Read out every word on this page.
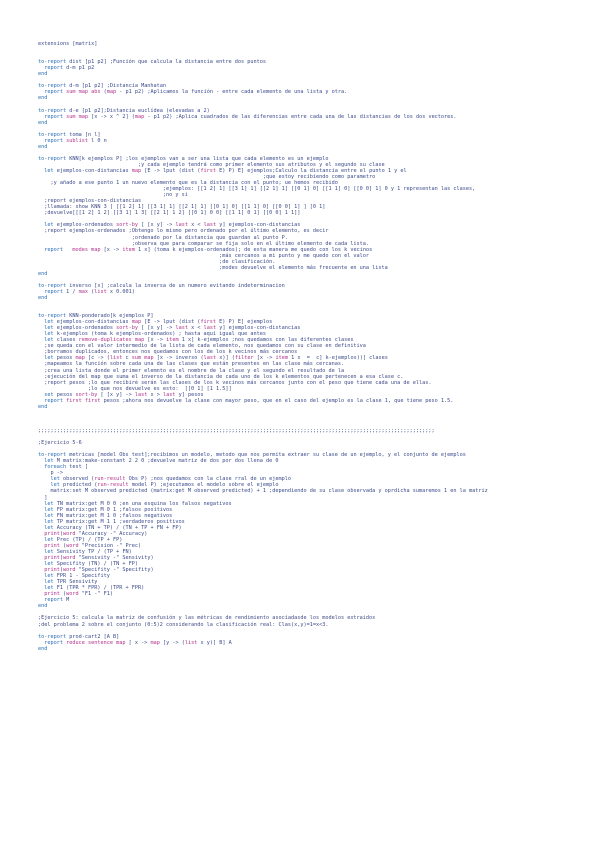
extensions [matrix]

to-report dist [p1 p2] ;Función que calcula la distancia entre dos puntos
report d-m p1 p2
end

to-report d-m [p1 p2] ;Distancia Manhatan
report sum map abs (map - p1 p2) ;Aplicamos la función - entre cada elemento de una lista y otra.
end

to-report d-e [p1 p2];Distancia euclídea (elevadas a 2)
report sum map [x -> x ^ 2] (map - p1 p2) ;Aplica cuadrados de las diferencias entre cada una de las distancias de los dos vectores.
end

to-report toma [n l]
report sublist l 0 n
end

to-report KNN[k ejemplos P] ;los ejemplos van a ser una lista que cada elemento es un ejemplo
;y cada ejemplo tendrá como primer elemento sus atributos y el segundo su clase
let ejemplos-con-distancias map [E -> lput (dist (first E) P) E] ejemplos;Calculo la distancia entre el punto 1 y el
;que estoy recibiendo como parametro
;y añado a ese punto 1 un nuevo elemento que es la distancia con el punto; ue hemos recibido
;ejemplos: [[1 2] 1] [[3 1] 1] [[2 1] 1] [[0 1] 0] [[1 1] 0] [[0 0] 1] 0 y 1 representan las clases,
;no y si
;report ejemplos-con-distancias
;llamada: show KNN 3 [ [[1 2] 1] [[3 1] 1] [[2 1] 1] [[0 1] 0] [[1 1] 0] [[0 0] 1] ] [0 1]
;devuelve[[[1 2] 1 2] [[3 1] 1 3] [[2 1] 1 2] [[0 1] 0 0] [[1 1] 0 1] [[0 0] 1 1]]

let ejemplos-ordenados sort-by [ [x y] -> last x < last y] ejemplos-con-distancias
;report ejemplos-ordenados ;Obtengo lo mismo pero ordenado por el último elemento, es decir
;ordenado por la distancia que guardan al punto P.
;observa que para comparar se fija solo en el último elemento de cada lista.
report modes map [x -> item 1 x] (toma k ejemplos-ordenados); de esta manera me quedo con los k vecinos
;más cercanos a mi punto y me quedo con el valor
;de clasificación.
;modes devuelve el elemento más frecuente en una lista
end

to-report inverso [x] ;calcula la inversa de un numero evitando indeterminacion
report 1 / max (list x 0.001)
end

to-report KNN-ponderado[k ejemplos P]
let ejemplos-con-distancias map [E -> lput (dist (first E) P) E] ejemplos
let ejemplos-ordenados sort-by [ [x y] -> last x < last y] ejemplos-con-distancias
let k-ejemplos (toma k ejemplos-ordenados) ; hasta aquí igual que antes
let clases remove-duplicates map [x -> item 1 x] k-ejemplos ;nos quedamos con las diferentes clases
;se queda con el valor intermedio de la lista de cada elemento, nos quedamos con su clase en definitiva
;borramos duplicados, entonces nos quedamos con los de los k vecinos más cercanos
let pesos map [c -> (list c sum map [x -> inverso (last x)] (filter [x -> item 1 x  =  c] k-ejemplos))] clases
;mapeamos la función sobre cada una de las clases que están presentes en las clase más cercanas.
;crea una lista donde el primer elemnto es el nombre de la clase y el segundo el resultado de la
;ejecución del map que suma el inverso de la distancia de cada uno de los k elementos que pertenecen a esa clase c.
;report pesos ;lo que recibiré serán las clases de los k vecinos más cercanos junto con el peso que tiene cada una de ellas.
;lo que nos devuelve es esto:  [[0 1] [1 1.5]]
set pesos sort-by [ [x y] -> last x > last y] pesos
report first first pesos ;ahora nos devuelve la clase con mayor peso, que en el caso del ejemplo es la clase 1, que tiene peso 1.5.
end

;;;;;;;;;;;;;;;;;;;;;;;;;;;;;;;;;;;;;;;;;;;;;;;;;;;;;;;;;;;;;;;;;;;;;;;;;;;;;;;;;;;;;;;;;;;;;;;;;;;;;;;;;;;;;;;;;;;;;;;;;;;;;;;

;Ejercicio 5-6

to-report metricas [model Obs test];recibimos un modelo, metodo que nos permita extraer su clase de un ejemplo, y el conjunto de ejemplos
let M matrix:make-constant 2 2 0 ;devuelve matriz de dos por dos llena de 0
foreach test [
p ->
let observed (run-result Obs P) ;nos quedamos con la clase rral de un ejemplo
let predicted (run-result model P) ;ejecutamos el modelo sobre el ejemplo
matrix:set M observed predicted (matrix:get M observed predicted) + 1 ;dependiendo de su clase observada y oprdicha sumaremos 1 en la matriz
]
let TN matrix:get M 0 0 ;en una esquina los falsos negativos
let FP matrix:get M 0 1 ;falsos positivos
let FN matrix:get M 1 0 ;falsos negativos
let TP matrix:get M 1 1 ;verdaderos positivos
let Accuracy (TN + TP) / (TN + TP + FN + FP)
print(word "Accuracy -" Accuracy)
let Prec (TP) / (TP + FP)
print (word "Precision -" Prec)
let Sensivity TP / (TP + FN)
print(word "Sensivity -" Sensivity)
let Specifity (TN) / (TN + FP)
print(word "Specifity -" Specifity)
let FPR 1 - Specifity
let TPR Sensivity
let F1 (TPR * FPR) / (TPR + FPR)
print (word "F1 -" F1)
report M
end

;Ejercicio 5: calcula la matriz de confusión y las métricas de rendimiento asociadasde los modelos extraidos
;del problema 2 sobre el conjunto (0:5)2 considerando la clasificación real: Clas(x,y)=1=x<3.

to-report prod-cart2 [A B]
report reduce sentence map [ x -> map [y -> (list x y)] B] A
end
